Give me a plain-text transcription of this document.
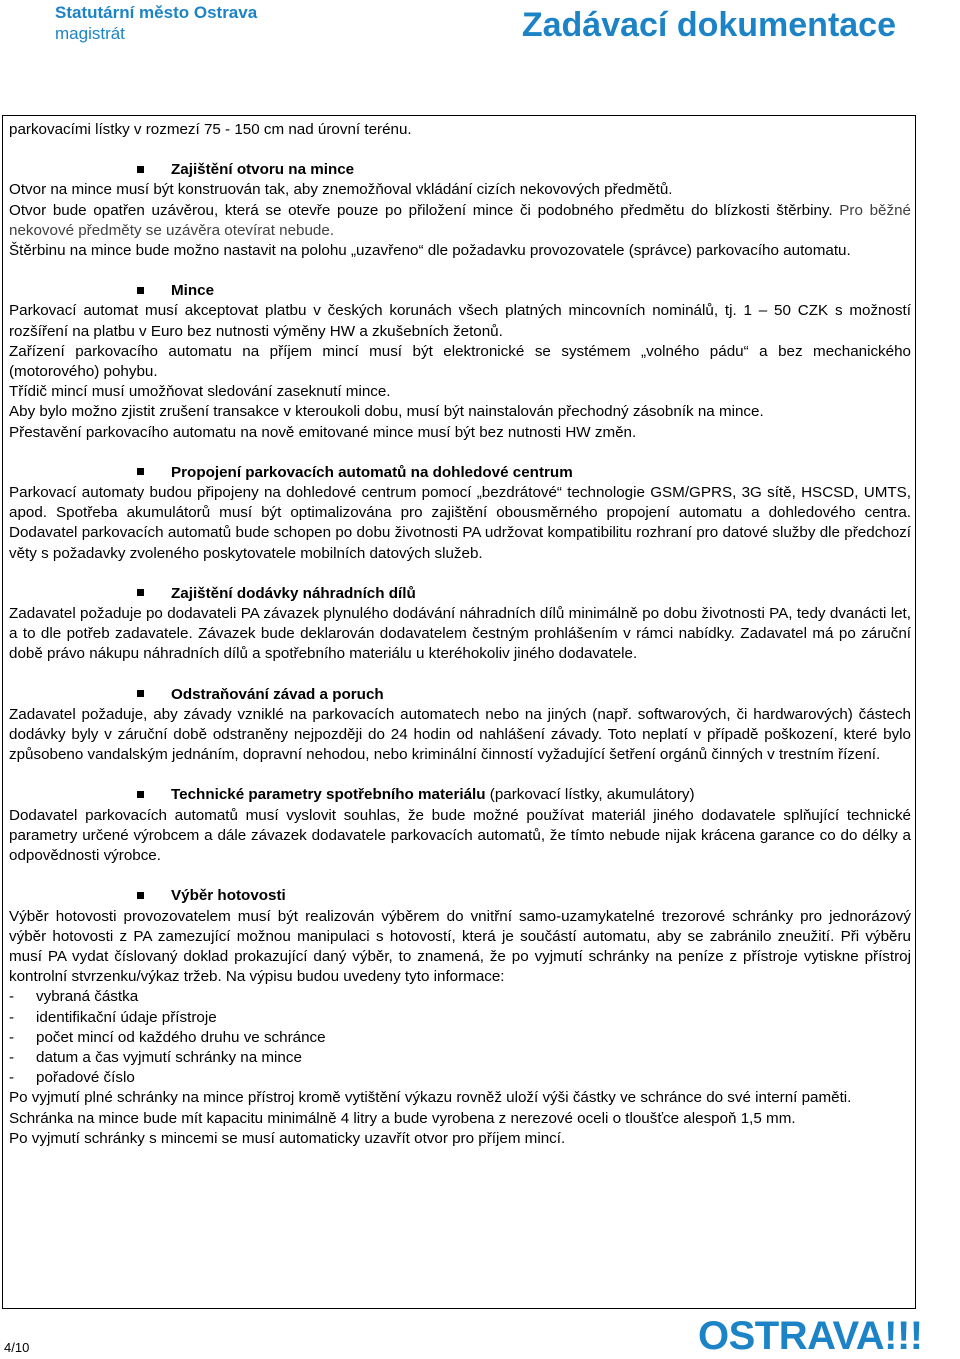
Statutární město Ostrava
magistrát	Zadávací dokumentace

parkovacími lístky v rozmezí 75 - 150 cm nad úrovní terénu.

Zajištění otvoru na mince

Otvor na mince musí být konstruován tak, aby znemožňoval vkládání cizích nekovových předmětů.

Otvor bude opatřen uzávěrou, která se otevře pouze po přiložení mince či podobného předmětu do blízkosti štěrbiny. Pro běžné nekovové předměty se uzávěra otevírat nebude.

Štěrbinu na mince bude možno nastavit na polohu „uzavřeno“ dle požadavku provozovatele (správce) parkovacího automatu.

Mince

Parkovací automat musí akceptovat platbu v českých korunách všech platných mincovních nominálů, tj. 1 – 50 CZK s možností rozšíření na platbu v Euro bez nutnosti výměny HW a zkušebních žetonů.

Zařízení parkovacího automatu na příjem mincí musí být elektronické se systémem „volného pádu“ a bez mechanického (motorového) pohybu.

Třídič mincí musí umožňovat sledování zaseknutí mince.

Aby bylo možno zjistit zrušení transakce v kteroukoli dobu, musí být nainstalován přechodný zásobník na mince.

Přestavění parkovacího automatu na nově emitované mince musí být bez nutnosti HW změn.

Propojení parkovacích automatů na dohledové centrum

Parkovací automaty budou připojeny na dohledové centrum pomocí „bezdrátové“ technologie GSM/GPRS, 3G sítě, HSCSD, UMTS, apod. Spotřeba akumulátorů musí být optimalizována pro zajištění obousměrného propojení automatu a dohledového centra. Dodavatel parkovacích automatů bude schopen po dobu životnosti PA udržovat kompatibilitu rozhraní pro datové služby dle předchozí věty s požadavky zvoleného poskytovatele mobilních datových služeb.

Zajištění dodávky náhradních dílů

Zadavatel požaduje po dodavateli PA závazek plynulého dodávání náhradních dílů minimálně po dobu životnosti PA, tedy dvanácti let, a to dle potřeb zadavatele. Závazek bude deklarován dodavatelem čestným prohlášením v rámci nabídky. Zadavatel má po záruční době právo nákupu náhradních dílů a spotřebního materiálu u kteréhokoliv jiného dodavatele.

Odstraňování závad a poruch

Zadavatel požaduje, aby závady vzniklé na parkovacích automatech nebo na jiných (např. softwarových, či hardwarových) částech dodávky byly v záruční době odstraněny nejpozději do 24 hodin od nahlášení závady. Toto neplatí v případě poškození, které bylo způsobeno vandalským jednáním, dopravní nehodou, nebo kriminální činností vyžadující šetření orgánů činných v trestním řízení.

Technické parametry spotřebního materiálu (parkovací lístky, akumulátory)

Dodavatel parkovacích automatů musí vyslovit souhlas, že bude možné používat materiál jiného dodavatele splňující technické parametry určené výrobcem a dále závazek dodavatele parkovacích automatů, že tímto nebude nijak krácena garance co do délky a odpovědnosti výrobce.

Výběr hotovosti

Výběr hotovosti provozovatelem musí být realizován výběrem do vnitřní samo-uzamykatelné trezorové schránky pro jednorázový výběr hotovosti z PA zamezující možnou manipulaci s hotovostí, která je součástí automatu, aby se zabránilo zneužití. Při výběru musí PA vydat číslovaný doklad prokazující daný výběr, to znamená, že po vyjmutí schránky na peníze z přístroje vytiskne přístroj kontrolní stvrzenku/výkaz tržeb. Na výpisu budou uvedeny tyto informace:

-	vybraná částka
-	identifikační údaje přístroje
-	počet mincí od každého druhu ve schránce
-	datum a čas vyjmutí schránky na mince
-	pořadové číslo

Po vyjmutí plné schránky na mince přístroj kromě vytištění výkazu rovněž uloží výši částky ve schránce do své interní paměti.

Schránka na mince bude mít kapacitu minimálně 4 litry a bude vyrobena z nerezové oceli o tloušťce alespoň 1,5 mm.

Po vyjmutí schránky s mincemi se musí automaticky uzavřít otvor pro příjem mincí.

4/10	OSTRAVA!!!
